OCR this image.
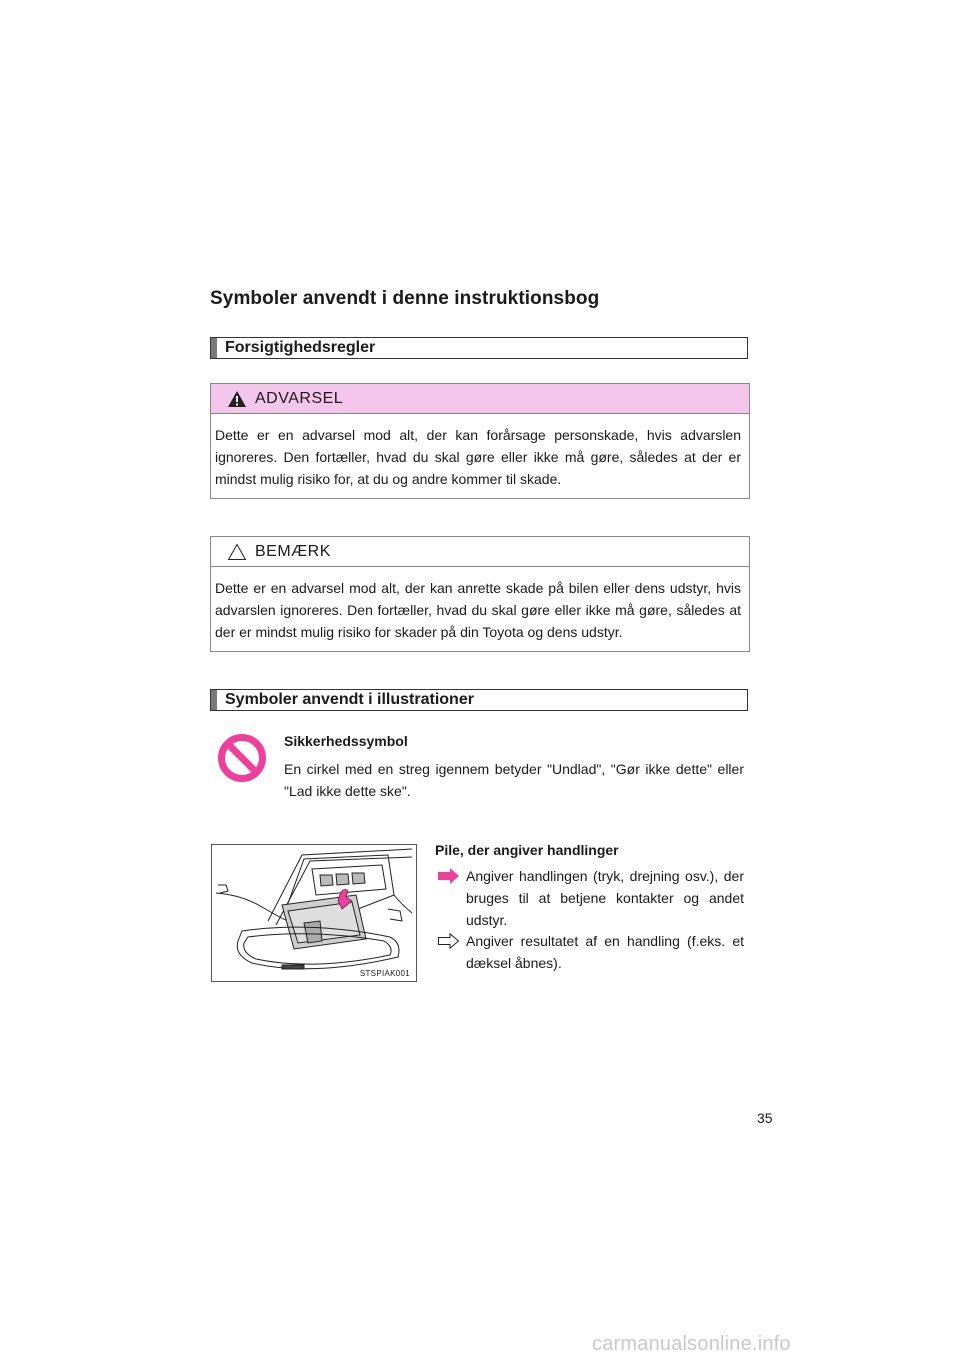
Symboler anvendt i denne instruktionsbog
Forsigtighedsregler
ADVARSEL
Dette er en advarsel mod alt, der kan forårsage personskade, hvis advarslen ignoreres. Den fortæller, hvad du skal gøre eller ikke må gøre, således at der er mindst mulig risiko for, at du og andre kommer til skade.
BEMÆRK
Dette er en advarsel mod alt, der kan anrette skade på bilen eller dens udstyr, hvis advarslen ignoreres. Den fortæller, hvad du skal gøre eller ikke må gøre, således at der er mindst mulig risiko for skader på din Toyota og dens udstyr.
Symboler anvendt i illustrationer
Sikkerhedssymbol
En cirkel med en streg igennem betyder "Undlad", "Gør ikke dette" eller "Lad ikke dette ske".
STSPIAK001
Pile, der angiver handlinger
Angiver handlingen (tryk, drejning osv.), der bruges til at betjene kontakter og andet udstyr.
Angiver resultatet af en handling (f.eks. et dæksel åbnes).
35
carmanualsonline.info
